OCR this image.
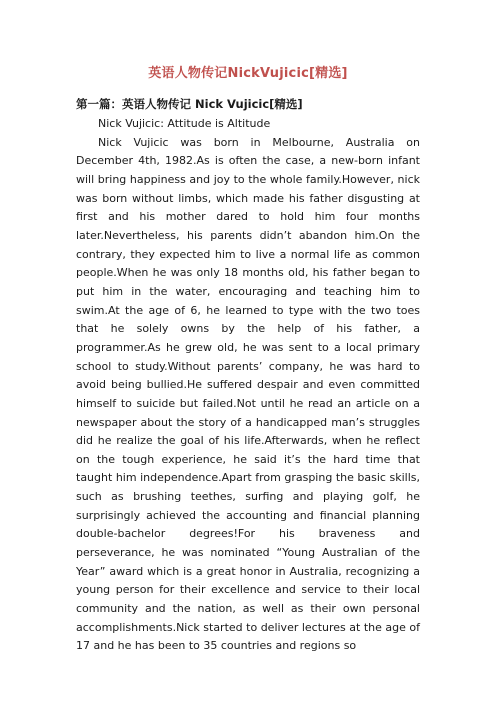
英语人物传记NickVujicic[精选]
第一篇：英语人物传记 Nick Vujicic[精选]

Nick Vujicic: Attitude is Altitude

Nick Vujicic was born in Melbourne, Australia on December 4th, 1982.As is often the case, a new-born infant will bring happiness and joy to the whole family.However, nick was born without limbs, which made his father disgusting at first and his mother dared to hold him four months later.Nevertheless, his parents didn’t abandon him.On the contrary, they expected him to live a normal life as common people.When he was only 18 months old, his father began to put him in the water, encouraging and teaching him to swim.At the age of 6, he learned to type with the two toes that he solely owns by the help of his father, a programmer.As he grew old, he was sent to a local primary school to study.Without parents’ company, he was hard to avoid being bullied.He suffered despair and even committed himself to suicide but failed.Not until he read an article on a newspaper about the story of a handicapped man’s struggles did he realize the goal of his life.Afterwards, when he reflect on the tough experience, he said it’s the hard time that taught him independence.Apart from grasping the basic skills, such as brushing teethes, surfing and playing golf, he surprisingly achieved the accounting and financial planning double-bachelor degrees!For his braveness and perseverance, he was nominated “Young Australian of the Year” award which is a great honor in Australia, recognizing a young person for their excellence and service to their local community and the nation, as well as their own personal accomplishments.Nick started to deliver lectures at the age of 17 and he has been to 35 countries and regions so
